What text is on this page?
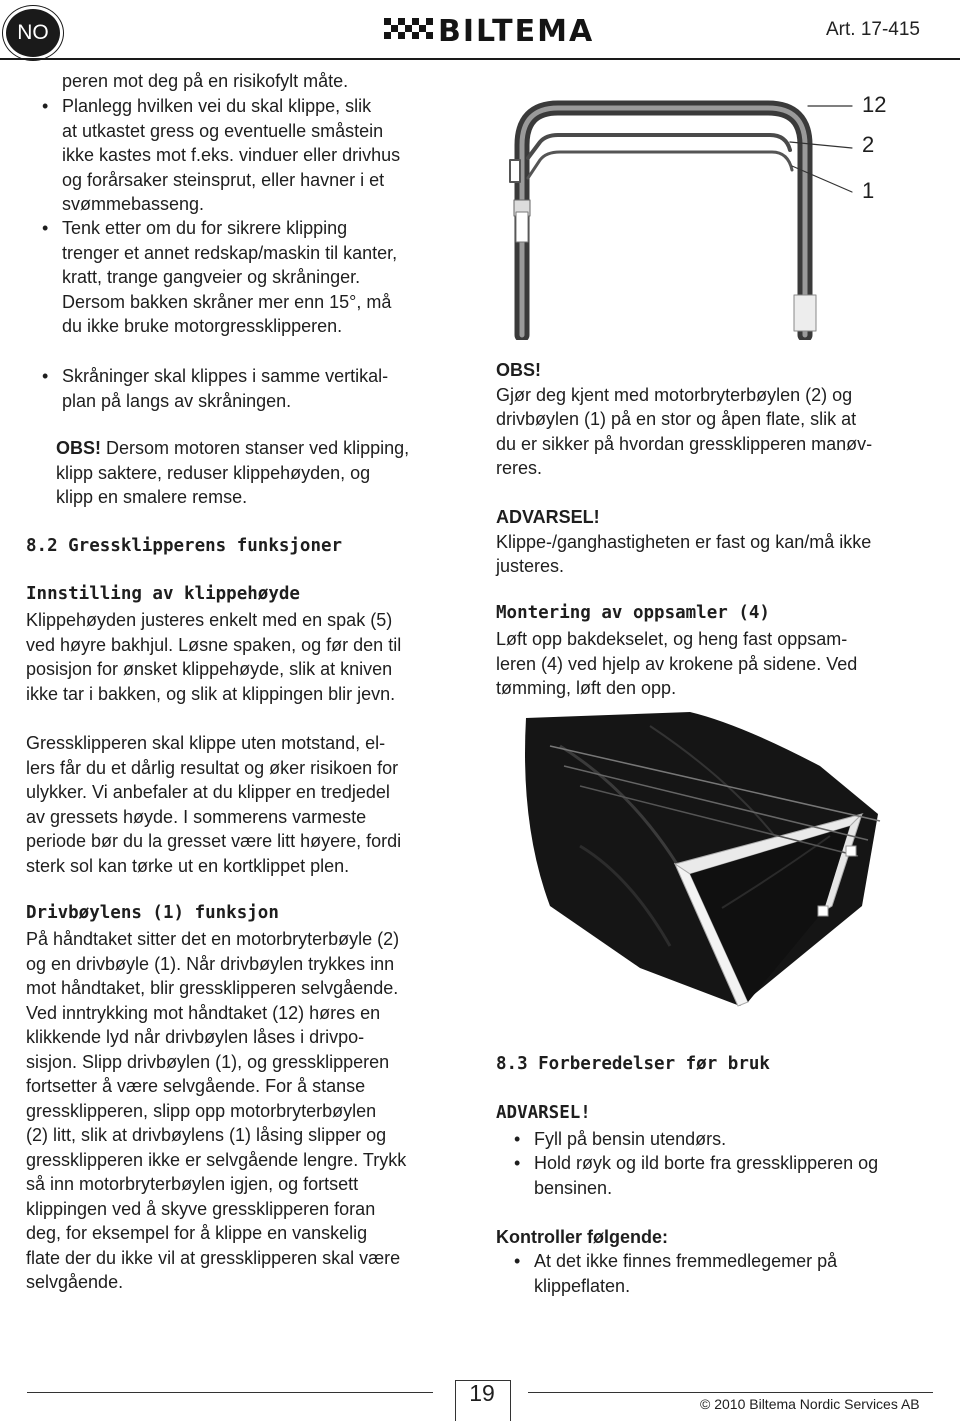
NO	BILTEMA	Art. 17-415
peren mot deg på en risikofylt måte.
• Planlegg hvilken vei du skal klippe, slik
at utkastet gress og eventuelle småstein
ikke kastes mot f.eks. vinduer eller drivhus
og forårsaker steinsprut, eller havner i et
svømmebasseng.
• Tenk etter om du for sikrere klipping
trenger et annet redskap/maskin til kanter,
kratt, trange gangveier og skråninger.
Dersom bakken skråner mer enn 15°, må
du ikke bruke motorgressklipperen.
• Skråninger skal klippes i samme vertikal-
plan på langs av skråningen.
OBS! Dersom motoren stanser ved klipping,
klipp saktere, reduser klippehøyden, og
klipp en smalere remse.
8.2 Gressklipperens funksjoner
Innstilling av klippehøyde
Klippehøyden justeres enkelt med en spak (5)
ved høyre bakhjul. Løsne spaken, og før den til
posisjon for ønsket klippehøyde, slik at kniven
ikke tar i bakken, og slik at klippingen blir jevn.
Gressklipperen skal klippe uten motstand, el-
lers får du et dårlig resultat og øker risikoen for
ulykker. Vi anbefaler at du klipper en tredjedel
av gressets høyde. I sommerens varmeste
periode bør du la gresset være litt høyere, fordi
sterk sol kan tørke ut en kortklippet plen.
Drivbøylens (1) funksjon
På håndtaket sitter det en motorbryterbøyle (2)
og en drivbøyle (1). Når drivbøylen trykkes inn
mot håndtaket, blir gressklipperen selvgående.
Ved inntrykking mot håndtaket (12) høres en
klikkende lyd når drivbøylen låses i drivpo-
sisjon. Slipp drivbøylen (1), og gressklipperen
fortsetter å være selvgående. For å stanse
gressklipperen, slipp opp motorbryterbøylen
(2) litt, slik at drivbøylens (1) låsing slipper og
gressklipperen ikke er selvgående lengre. Trykk
så inn motorbryterbøylen igjen, og fortsett
klippingen ved å skyve gressklipperen foran
deg, for eksempel for å klippe en vanskelig
flate der du ikke vil at gressklipperen skal være
selvgående.
12
2
1
OBS!
Gjør deg kjent med motorbryterbøylen (2) og
drivbøylen (1) på en stor og åpen flate, slik at
du er sikker på hvordan gressklipperen manøv-
reres.
ADVARSEL!
Klippe-/ganghastigheten er fast og kan/må ikke
justeres.
Montering av oppsamler (4)
Løft opp bakdekselet, og heng fast oppsam-
leren (4) ved hjelp av krokene på sidene. Ved
tømming, løft den opp.
8.3 Forberedelser før bruk
ADVARSEL!
• Fyll på bensin utendørs.
• Hold røyk og ild borte fra gressklipperen og
bensinen.
Kontroller følgende:
• At det ikke finnes fremmedlegemer på
klippeflaten.
19	© 2010 Biltema Nordic Services AB
